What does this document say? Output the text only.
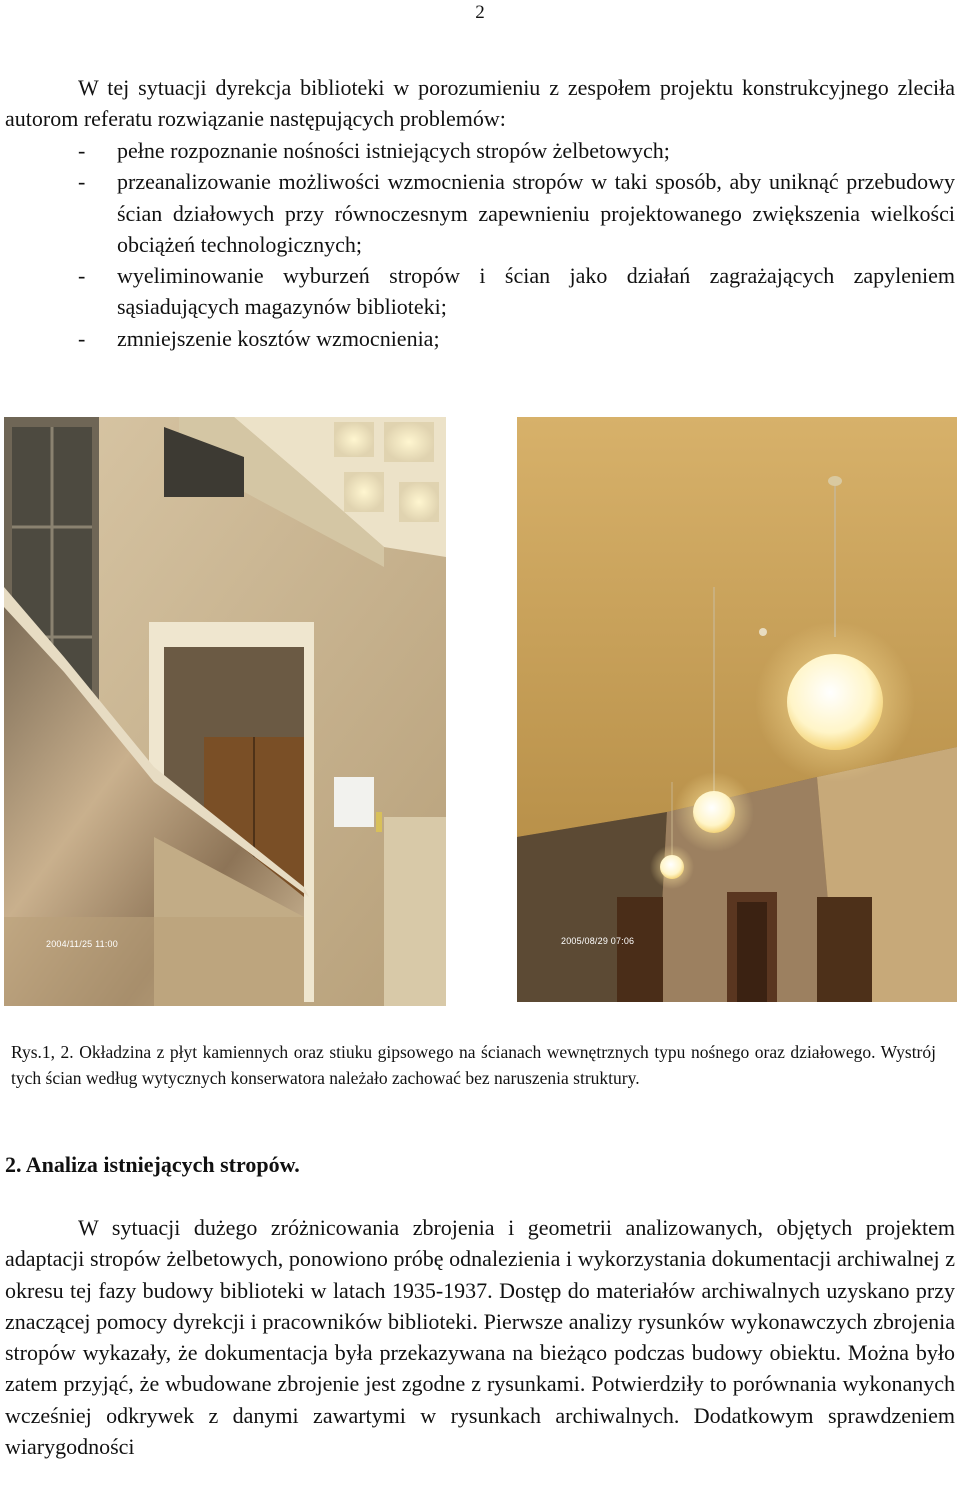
2

W tej sytuacji dyrekcja biblioteki w porozumieniu z zespołem projektu konstrukcyjnego zleciła autorom referatu rozwiązanie następujących problemów:

- pełne rozpoznanie nośności istniejących stropów żelbetowych;
- przeanalizowanie możliwości wzmocnienia stropów w taki sposób, aby uniknąć przebudowy ścian działowych przy równoczesnym zapewnieniu projektowanego zwiększenia wielkości obciążeń technologicznych;
- wyeliminowanie wyburzeń stropów i ścian jako działań zagrażających zapyleniem sąsiadujących magazynów biblioteki;
- zmniejszenie kosztów wzmocnienia;
2004/11/25 11:00	2005/08/29 07:06

Rys.1, 2. Okładzina z płyt kamiennych oraz stiuku gipsowego na ścianach wewnętrznych typu nośnego oraz działowego. Wystrój tych ścian według wytycznych konserwatora należało zachować bez naruszenia struktury.

2. Analiza istniejących stropów.

W sytuacji dużego zróżnicowania zbrojenia i geometrii analizowanych, objętych projektem adaptacji stropów żelbetowych, ponowiono próbę odnalezienia i wykorzystania dokumentacji archiwalnej z okresu tej fazy budowy biblioteki w latach 1935-1937. Dostęp do materiałów archiwalnych uzyskano przy znaczącej pomocy dyrekcji i pracowników biblioteki. Pierwsze analizy rysunków wykonawczych zbrojenia stropów wykazały, że dokumentacja była przekazywana na bieżąco podczas budowy obiektu. Można było zatem przyjąć, że wbudowane zbrojenie jest zgodne z rysunkami. Potwierdziły to porównania wykonanych wcześniej odkrywek z danymi zawartymi w rysunkach archiwalnych. Dodatkowym sprawdzeniem wiarygodności
